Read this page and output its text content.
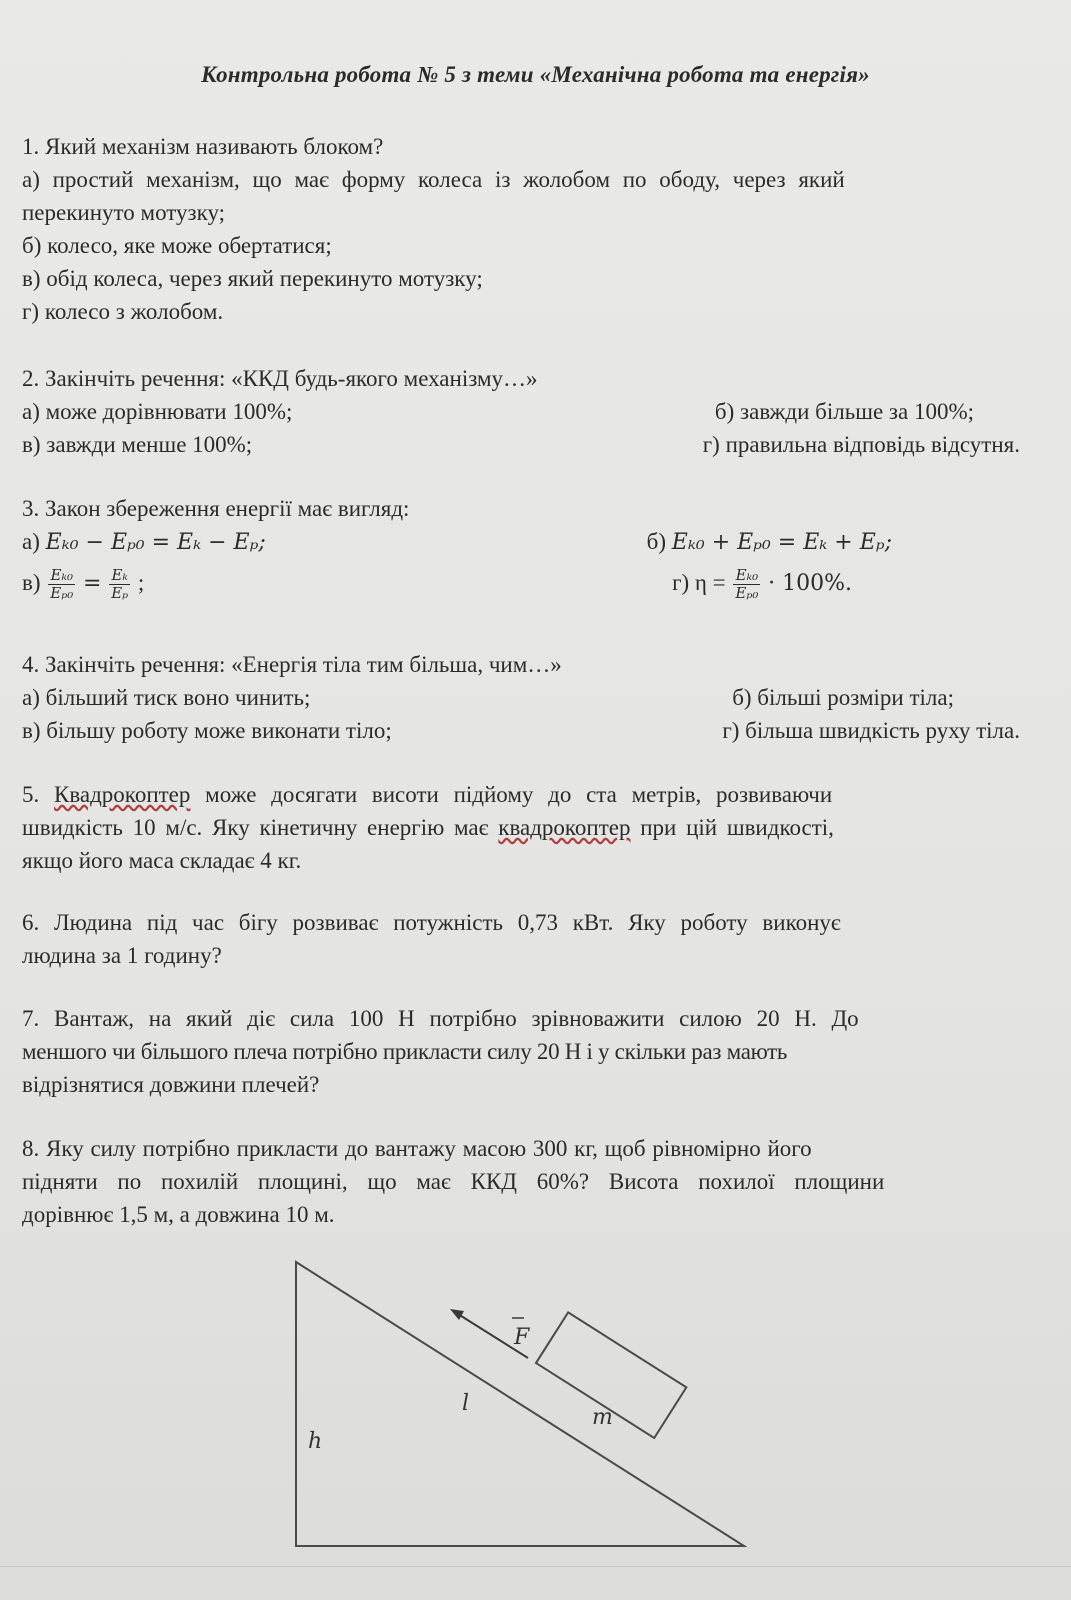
Контрольна робота № 5 з теми «Механічна робота та енергія»
1. Який механізм називають блоком?
а) простий механізм, що має форму колеса із жолобом по ободу, через який
перекинуто мотузку;
б) колесо, яке може обертатися;
в) обід колеса, через який перекинуто мотузку;
г) колесо з жолобом.
2. Закінчіть речення: «ККД будь-якого механізму…»
а) може дорівнювати 100%;	б) завжди більше за 100%;
в) завжди менше 100%;	г) правильна відповідь відсутня.
3. Закон збереження енергії має вигляд:
а) Eₖ₀ − Eₚ₀ = Eₖ − Eₚ;	б) Eₖ₀ + Eₚ₀ = Eₖ + Eₚ;
$в) \frac{\text{Eₖ₀}}{\text{Eₚ₀}} = \frac{\text{Eₖ}}{\text{Eₚ}}$ ;	г) $\eta = \frac{\text{Eₖ₀}}{\text{Eₚ₀}} \cdot 100\%$.
4. Закінчіть речення: «Енергія тіла тим більша, чим…»
а) більший тиск воно чинить;	б) більші розміри тіла;
в) більшу роботу може виконати тіло;	г) більша швидкість руху тіла.
5. Квадрокоптер може досягати висоти підйому до ста метрів, розвиваючи
швидкість 10 м/с. Яку кінетичну енергію має квадрокоптер при цій швидкості,
якщо його маса складає 4 кг.
6. Людина під час бігу розвиває потужність 0,73 кВт. Яку роботу виконує
людина за 1 годину?
7. Вантаж, на який діє сила 100 Н потрібно зрівноважити силою 20 Н. До
меншого чи більшого плеча потрібно прикласти силу 20 Н і у скільки раз мають
відрізнятися довжини плечей?
8. Яку силу потрібно прикласти до вантажу масою 300 кг, щоб рівномірно його
підняти по похилій площині, що має ККД 60%? Висота похилої площини
дорівнює 1,5 м, а довжина 10 м.
F
l
m
h
